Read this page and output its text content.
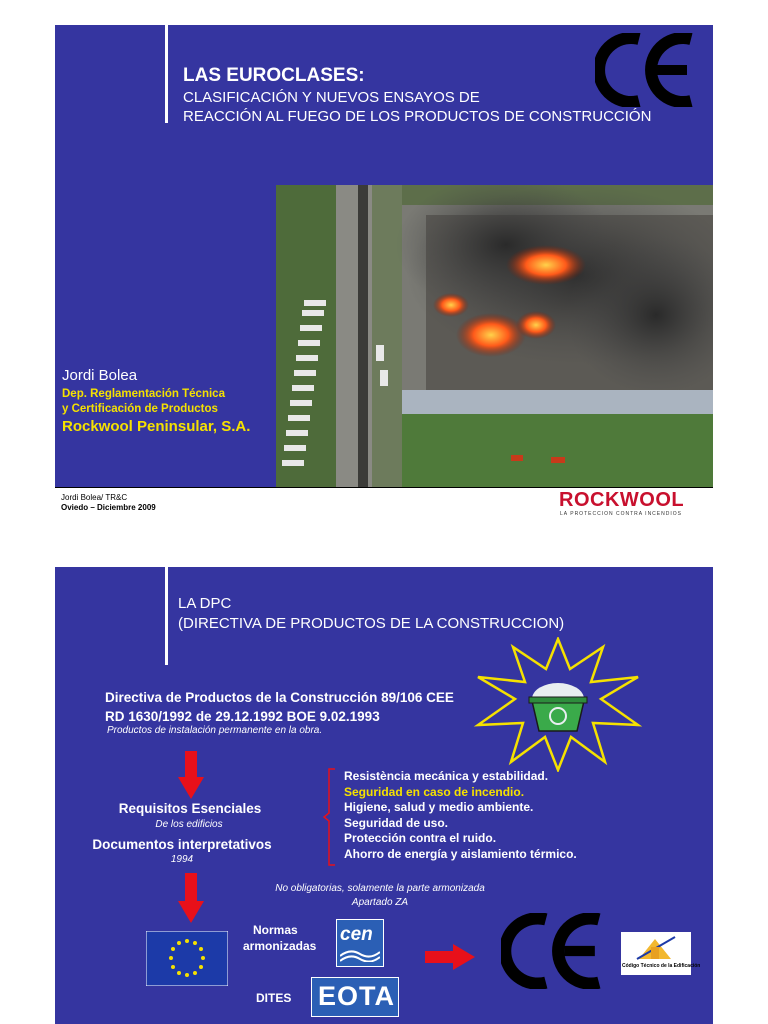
LAS EUROCLASES:
CLASIFICACIÓN Y NUEVOS ENSAYOS DE
REACCIÓN AL FUEGO DE LOS PRODUCTOS DE CONSTRUCCIÓN
Jordi Bolea
Dep. Reglamentación Técnica
y Certificación de Productos
Rockwool Peninsular, S.A.
Jordi Bolea/ TR&C
Oviedo – Diciembre 2009	ROCKWOOL
LA PROTECCION CONTRA INCENDIOS
LA DPC
(DIRECTIVA DE PRODUCTOS DE LA CONSTRUCCION)
Directiva de Productos de la Construcción 89/106 CEE
RD 1630/1992 de 29.12.1992 BOE 9.02.1993
Productos de instalación permanente en la obra.
Requisitos Esenciales
De los edificios
Documentos interpretativos
1994
Resistència mecánica y estabilidad.
Seguridad en caso de incendio.
Higiene, salud y medio ambiente.
Seguridad de uso.
Protección contra el ruido.
Ahorro de energía y aislamiento térmico.
No obligatorias, solamente la parte armonizada
Apartado ZA
Normas
armonizadas
cen
Código Técnico de la Edificación
DITES EOTA
